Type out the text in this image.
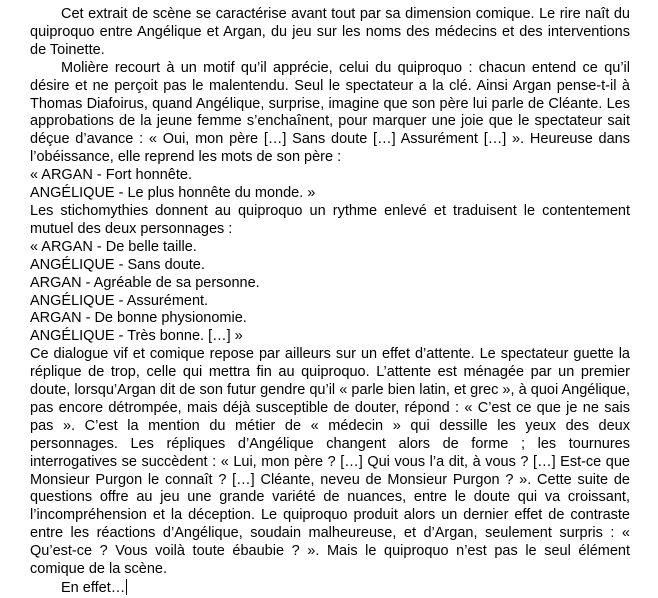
Cet extrait de scène se caractérise avant tout par sa dimension comique. Le rire naît du quiproquo entre Angélique et Argan, du jeu sur les noms des médecins et des interventions de Toinette.

Molière recourt à un motif qu’il apprécie, celui du quiproquo : chacun entend ce qu’il désire et ne perçoit pas le malentendu. Seul le spectateur a la clé. Ainsi Argan pense-t-il à Thomas Diafoirus, quand Angélique, surprise, imagine que son père lui parle de Cléante. Les approbations de la jeune femme s’enchaînent, pour marquer une joie que le spectateur sait déçue d’avance : « Oui, mon père […] Sans doute […] Assurément […] ». Heureuse dans l’obéissance, elle reprend les mots de son père :

« ARGAN - Fort honnête.

ANGÉLIQUE - Le plus honnête du monde. »

Les stichomythies donnent au quiproquo un rythme enlevé et traduisent le contentement mutuel des deux personnages :

« ARGAN - De belle taille.

ANGÉLIQUE - Sans doute.

ARGAN - Agréable de sa personne.

ANGÉLIQUE - Assurément.

ARGAN - De bonne physionomie.

ANGÉLIQUE - Très bonne. […] »

Ce dialogue vif et comique repose par ailleurs sur un effet d’attente. Le spectateur guette la réplique de trop, celle qui mettra fin au quiproquo. L’attente est ménagée par un premier doute, lorsqu’Argan dit de son futur gendre qu’il « parle bien latin, et grec », à quoi Angélique, pas encore détrompée, mais déjà susceptible de douter, répond : « C’est ce que je ne sais pas ». C’est la mention du métier de « médecin » qui dessille les yeux des deux personnages. Les répliques d’Angélique changent alors de forme ; les tournures interrogatives se succèdent : « Lui, mon père ? […] Qui vous l’a dit, à vous ? […] Est-ce que Monsieur Purgon le connaît ? […] Cléante, neveu de Monsieur Purgon ? ». Cette suite de questions offre au jeu une grande variété de nuances, entre le doute qui va croissant, l’incompréhension et la déception. Le quiproquo produit alors un dernier effet de contraste entre les réactions d’Angélique, soudain malheureuse, et d’Argan, seulement surpris : « Qu’est-ce ? Vous voilà toute ébaubie ? ». Mais le quiproquo n’est pas le seul élément comique de la scène.

En effet…
